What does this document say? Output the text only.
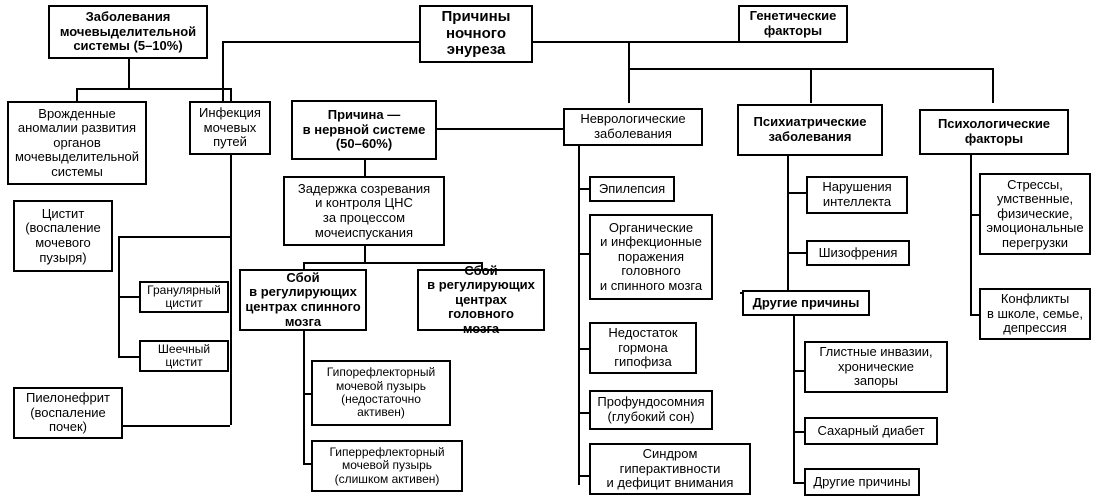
Заболевания
мочевыделительной
системы (5–10%)
Причины
ночного
энуреза
Генетические
факторы
Врожденные
аномалии развития
органов
мочевыделительной
системы
Инфекция
мочевых
путей
Причина —
в нервной системе
(50–60%)
Неврологические
заболевания
Психиатрические
заболевания
Психологические
факторы
Цистит
(воспаление
мочевого
пузыря)
Задержка созревания
и контроля ЦНС
за процессом
мочеиспускания
Эпилепсия	Нарушения
интеллекта
Стрессы,
умственные,
физические,
эмоциональные
перегрузки
Органические
и инфекционные
поражения
головного
и спинного мозга
Шизофрения
Гранулярный
цистит
Сбой
в регулирующих
центрах спинного
мозга
Сбой
в регулирующих
центрах головного
мозга
Конфликты
в школе, семье,
депрессия
Шеечный
цистит
Другие причины
Недостаток
гормона
гипофиза
Гипорефлекторный
мочевой пузырь
(недостаточно
активен)
Глистные инвазии,
хронические
запоры
Пиелонефрит
(воспаление
почек)
Профундосомния
(глубокий сон)
Сахарный диабет
Гиперрефлекторный
мочевой пузырь
(слишком активен)
Синдром
гиперактивности
и дефицит внимания	Другие причины
